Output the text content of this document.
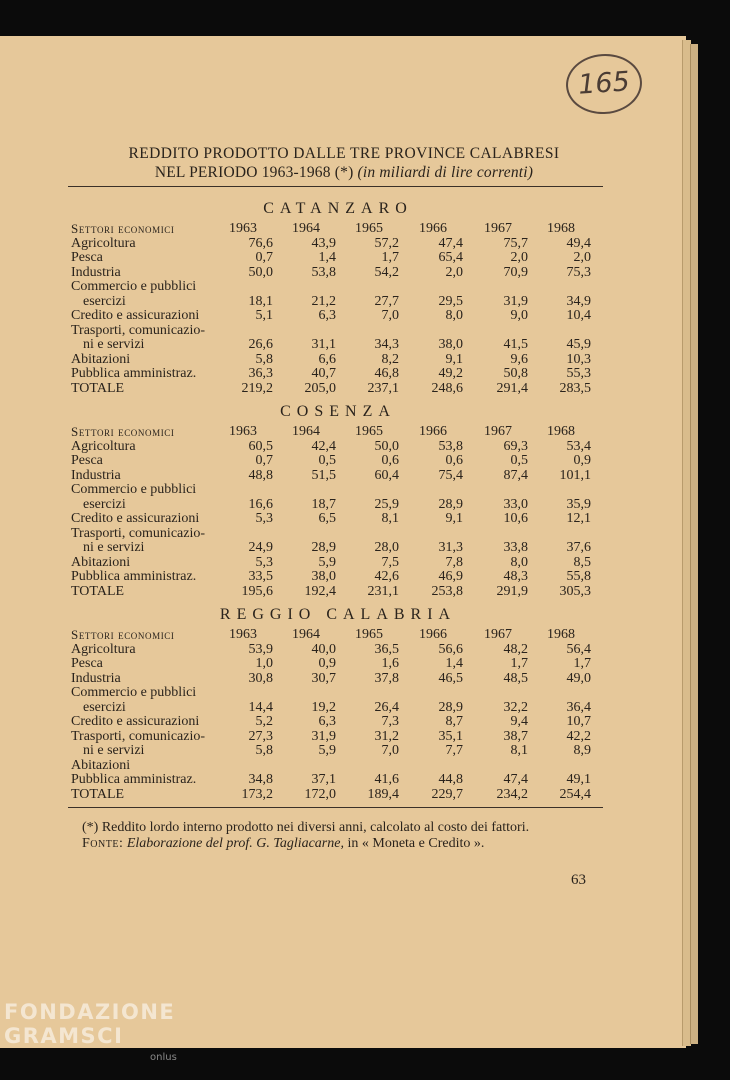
165
REDDITO PRODOTTO DALLE TRE PROVINCE CALABRESI
NEL PERIODO 1963-1968 (*) (in miliardi di lire correnti)
CATANZARO
Settori economici	1963	1964	1965	1966	1967	1968
Agricoltura	76,6	43,9	57,2	47,4	75,7	49,4
Pesca	0,7	1,4	1,7	65,4	2,0	2,0
Industria	50,0	53,8	54,2	2,0	70,9	75,3
Commercio e pubblici
esercizi	18,1	21,2	27,7	29,5	31,9	34,9
Credito e assicurazioni	5,1	6,3	7,0	8,0	9,0	10,4
Trasporti, comunicazio-
ni e servizi	26,6	31,1	34,3	38,0	41,5	45,9
Abitazioni	5,8	6,6	8,2	9,1	9,6	10,3
Pubblica amministraz.	36,3	40,7	46,8	49,2	50,8	55,3
TOTALE	219,2	205,0	237,1	248,6	291,4	283,5
COSENZA
Settori economici	1963	1964	1965	1966	1967	1968
Agricoltura	60,5	42,4	50,0	53,8	69,3	53,4
Pesca	0,7	0,5	0,6	0,6	0,5	0,9
Industria	48,8	51,5	60,4	75,4	87,4	101,1
Commercio e pubblici
esercizi	16,6	18,7	25,9	28,9	33,0	35,9
Credito e assicurazioni	5,3	6,5	8,1	9,1	10,6	12,1
Trasporti, comunicazio-
ni e servizi	24,9	28,9	28,0	31,3	33,8	37,6
Abitazioni	5,3	5,9	7,5	7,8	8,0	8,5
Pubblica amministraz.	33,5	38,0	42,6	46,9	48,3	55,8
TOTALE	195,6	192,4	231,1	253,8	291,9	305,3
REGGIO CALABRIA
Settori economici	1963	1964	1965	1966	1967	1968
Agricoltura	53,9	40,0	36,5	56,6	48,2	56,4
Pesca	1,0	0,9	1,6	1,4	1,7	1,7
Industria	30,8	30,7	37,8	46,5	48,5	49,0
Commercio e pubblici
esercizi	14,4	19,2	26,4	28,9	32,2	36,4
Credito e assicurazioni	5,2	6,3	7,3	8,7	9,4	10,7
Trasporti, comunicazio-	27,3	31,9	31,2	35,1	38,7	42,2
ni e servizi	5,8	5,9	7,0	7,7	8,1	8,9
Abitazioni
Pubblica amministraz.	34,8	37,1	41,6	44,8	47,4	49,1
TOTALE	173,2	172,0	189,4	229,7	234,2	254,4
(*) Reddito lordo interno prodotto nei diversi anni, calcolato al costo dei fattori.
Fonte: Elaborazione del prof. G. Tagliacarne, in « Moneta e Credito ».
63
FONDAZIONE
GRAMSCI
onlus
